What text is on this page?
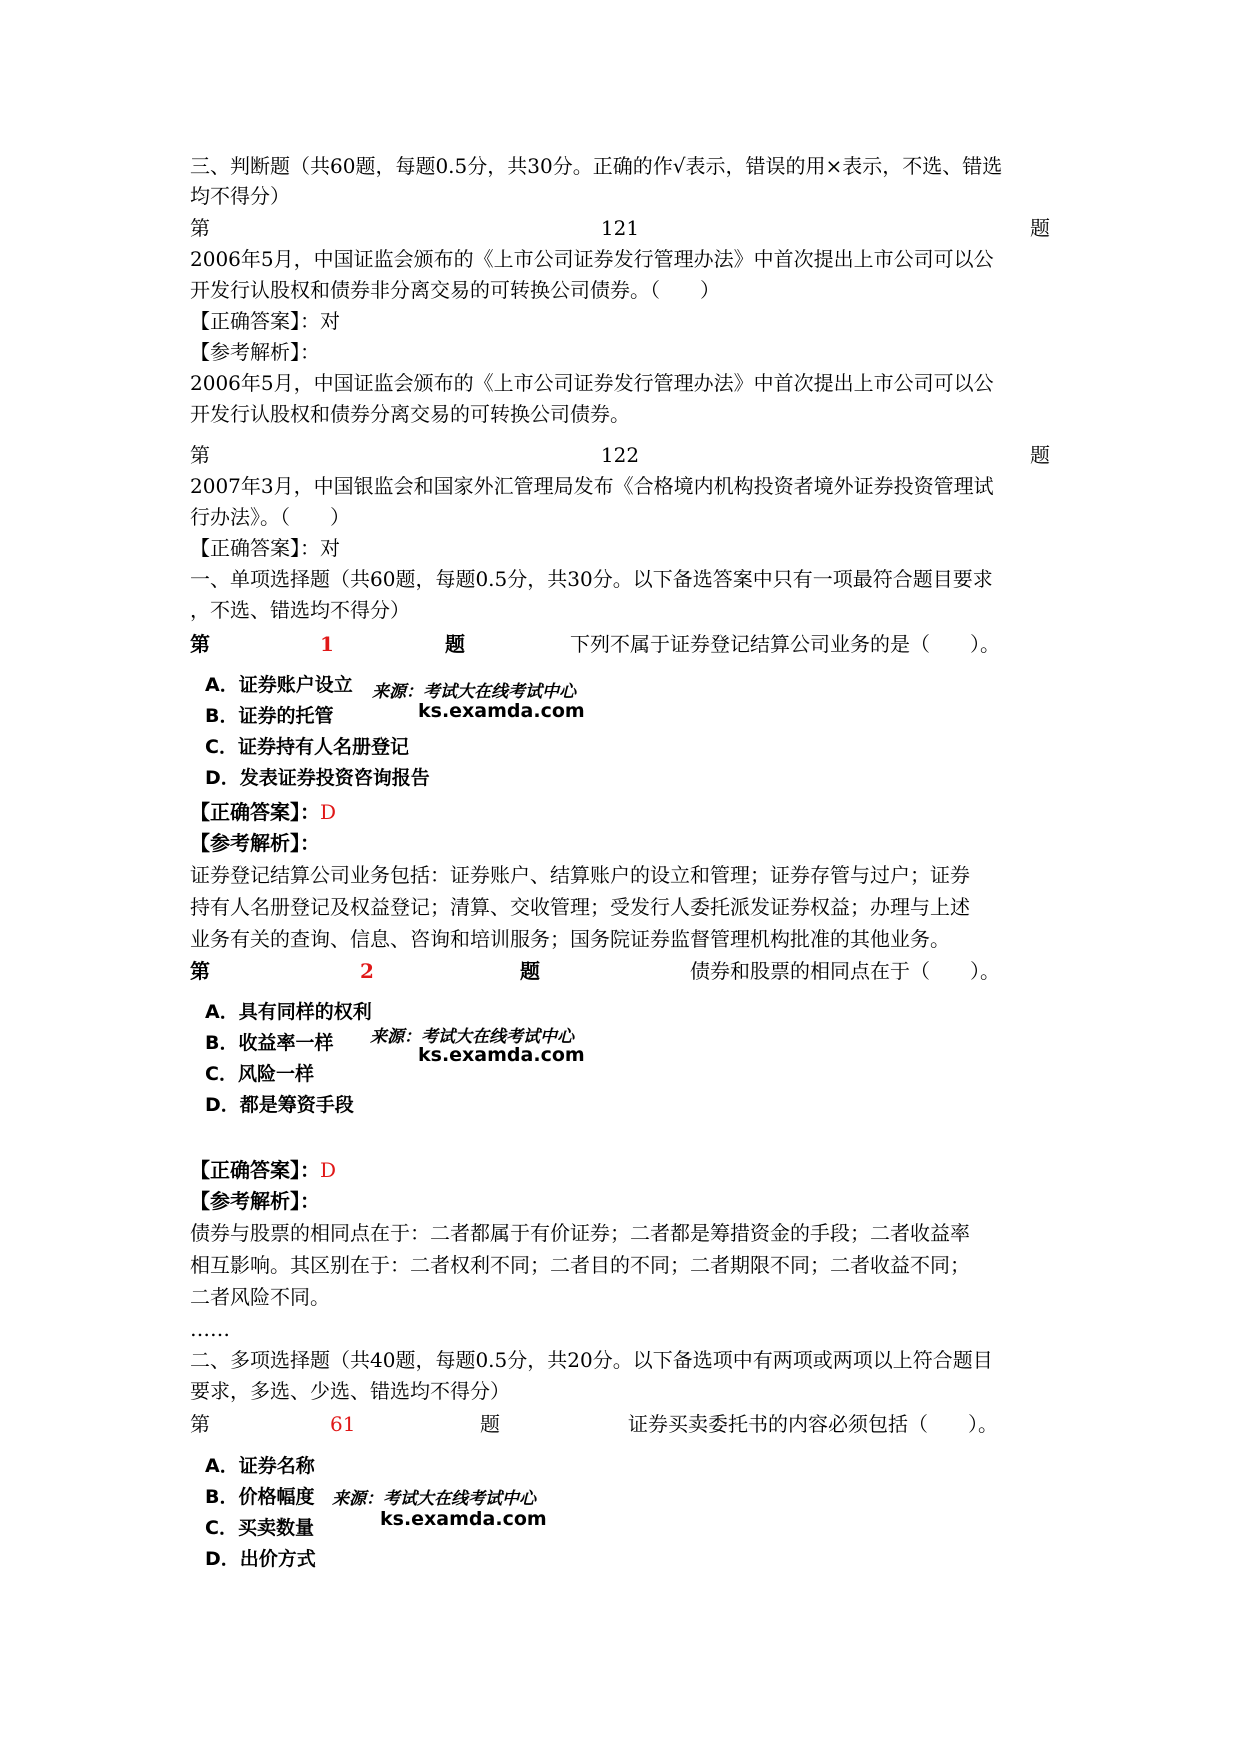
三、判断题（共60题，每题0.5分，共30分。正确的作√表示，错误的用×表示，不选、错选
均不得分）
第	121	题
2006年5月，中国证监会颁布的《上市公司证券发行管理办法》中首次提出上市公司可以公
开发行认股权和债券非分离交易的可转换公司债券。（　　）
【正确答案】：对
【参考解析】：
2006年5月，中国证监会颁布的《上市公司证券发行管理办法》中首次提出上市公司可以公
开发行认股权和债券分离交易的可转换公司债券。
第	122	题
2007年3月，中国银监会和国家外汇管理局发布《合格境内机构投资者境外证券投资管理试
行办法》。（　　）
【正确答案】：对
一、单项选择题（共60题，每题0.5分，共30分。以下备选答案中只有一项最符合题目要求
，不选、错选均不得分）
第	1	题	下列不属于证券登记结算公司业务的是（　　）。
A．证券账户设立
B．证券的托管
C．证券持有人名册登记
D．发表证券投资咨询报告
来源：考试大在线考试中心
ks.examda.com
【正确答案】：D
【参考解析】：
证券登记结算公司业务包括：证券账户、结算账户的设立和管理；证券存管与过户；证券
持有人名册登记及权益登记；清算、交收管理；受发行人委托派发证券权益；办理与上述
业务有关的查询、信息、咨询和培训服务；国务院证券监督管理机构批准的其他业务。
第	2	题	债券和股票的相同点在于（　　）。
A．具有同样的权利
B．收益率一样
C．风险一样
D．都是筹资手段
来源：考试大在线考试中心
ks.examda.com
【正确答案】：D
【参考解析】：
债券与股票的相同点在于：二者都属于有价证券；二者都是筹措资金的手段；二者收益率
相互影响。其区别在于：二者权利不同；二者目的不同；二者期限不同；二者收益不同；
二者风险不同。
……
二、多项选择题（共40题，每题0.5分，共20分。以下备选项中有两项或两项以上符合题目
要求，多选、少选、错选均不得分）
第	61	题	证券买卖委托书的内容必须包括（　　）。
A．证券名称
B．价格幅度
C．买卖数量
D．出价方式
来源：考试大在线考试中心
ks.examda.com
